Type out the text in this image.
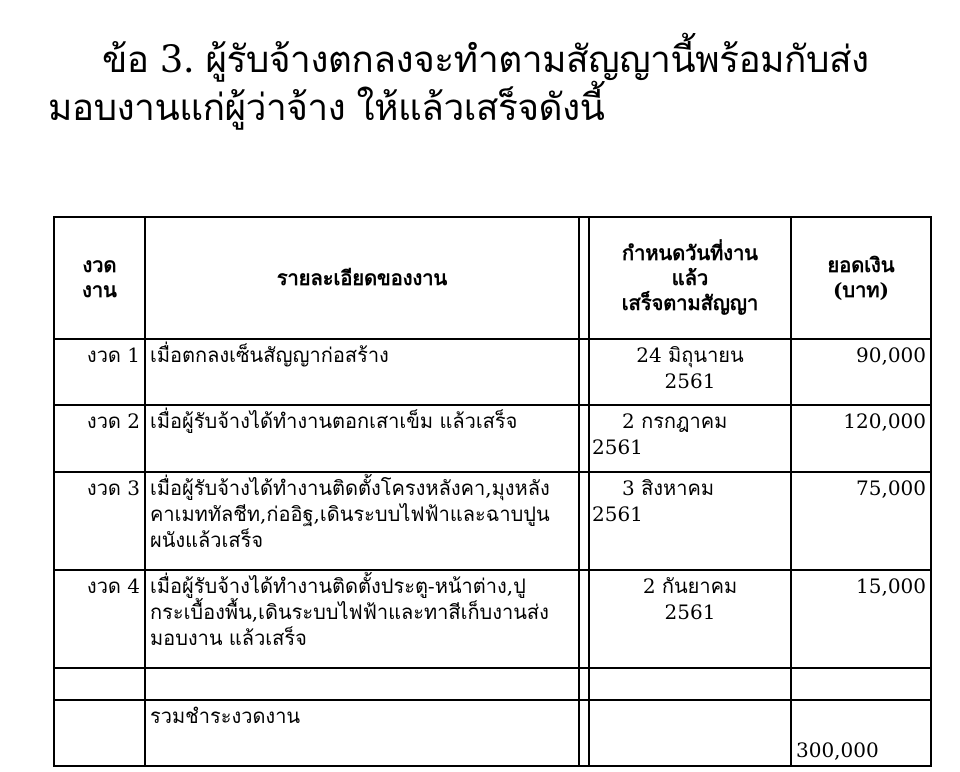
ข้อ 3. ผู้รับจ้างตกลงจะทำตามสัญญานี้พร้อมกับส่ง
มอบงานแก่ผู้ว่าจ้าง ให้แล้วเสร็จดังนี้
งวด
งาน	รายละเอียดของงาน		กำหนดวันที่งาน
แล้ว
เสร็จตามสัญญา	ยอดเงิน
(บาท)
งวด 1	เมื่อตกลงเซ็นสัญญาก่อสร้าง		24 มิถุนายน
2561	90,000
งวด 2	เมื่อผู้รับจ้างได้ทำงานตอกเสาเข็ม แล้วเสร็จ		2 กรกฎาคม
2561	120,000
งวด 3	เมื่อผู้รับจ้างได้ทำงานติดตั้งโครงหลังคา,มุงหลังคาเมททัลชีท,ก่ออิฐ,เดินระบบไฟฟ้าและฉาบปูนผนังแล้วเสร็จ		3 สิงหาคม
2561	75,000
งวด 4	เมื่อผู้รับจ้างได้ทำงานติดตั้งประตู-หน้าต่าง,ปูกระเบื้องพื้น,เดินระบบไฟฟ้าและทาสีเก็บงานส่งมอบงาน แล้วเสร็จ		2 กันยาคม
2561	15,000

	รวมชำระงวดงาน			300,000
